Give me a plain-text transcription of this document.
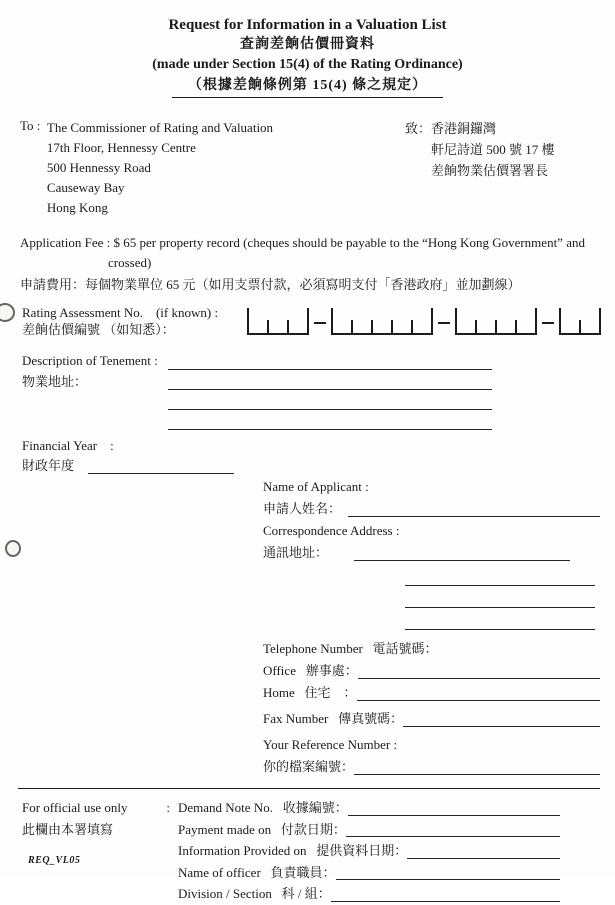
Request for Information in a Valuation List
查詢差餉估價冊資料
(made under Section 15(4) of the Rating Ordinance)
（根據差餉條例第 15(4) 條之規定）
To : The Commissioner of Rating and Valuation
17th Floor, Hennessy Centre
500 Hennessy Road
Causeway Bay
Hong Kong
致： 香港銅鑼灣
軒尼詩道 500 號 17 樓
差餉物業估價署署長
Application Fee : $ 65 per property record (cheques should be payable to the “Hong Kong Government” and
crossed)
申請費用：每個物業單位 65 元（如用支票付款，必須寫明支付「香港政府」並加劃線）
Rating Assessment No.    (if known) :
差餉估價編號 （如知悉）：
Description of Tenement :
物業地址：
Financial Year    :
財政年度
Name of Applicant :
申請人姓名：
Correspondence Address :
通訊地址：
Telephone Number   電話號碼：
Office   辦事處：
Home   住宅    ：
Fax Number   傳真號碼：
Your Reference Number :
你的檔案編號：
For official use only	:
此欄由本署填寫
Demand Note No.   收據編號：
Payment made on   付款日期：
Information Provided on   提供資料日期：
Name of officer   負責職員：
Division / Section   科 / 組：
REQ_VL05
